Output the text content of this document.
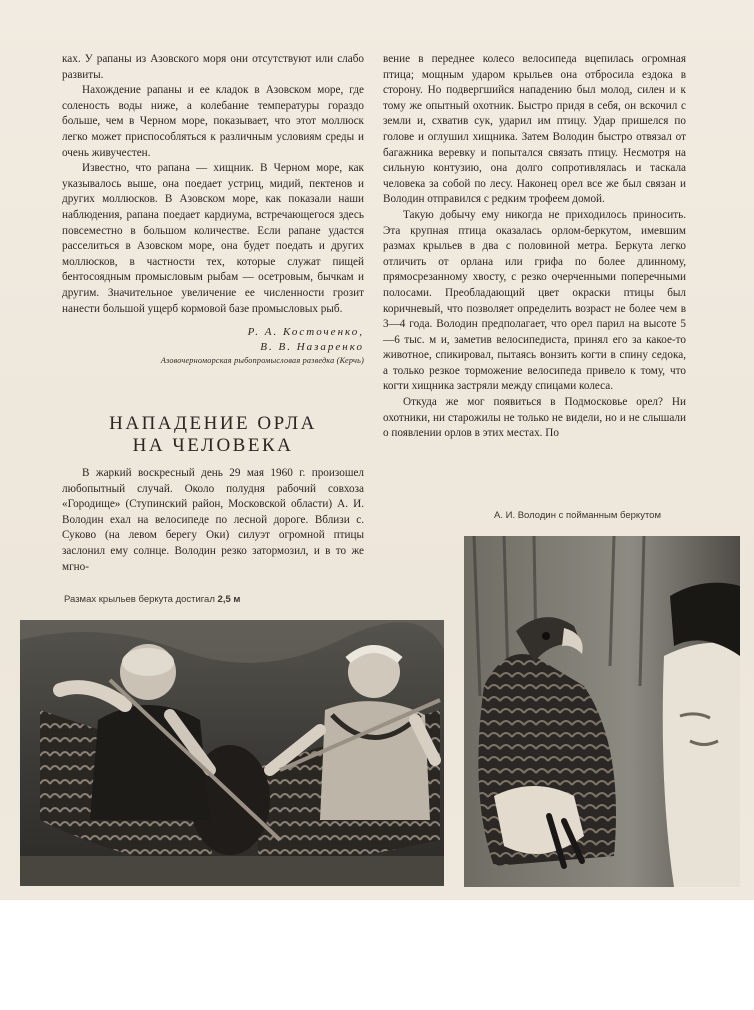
ках. У рапаны из Азовского моря они отсутствуют или слабо развиты.

Нахождение рапаны и ее кладок в Азовском море, где соленость воды ниже, а колебание температуры гораздо больше, чем в Черном море, показывает, что этот моллюск легко может приспособляться к различным условиям среды и очень живучестен.

Известно, что рапана — хищник. В Черном море, как указывалось выше, она поедает устриц, мидий, пектенов и других моллюсков. В Азовском море, как показали наши наблюдения, рапана поедает кардиума, встречающегося здесь повсеместно в большом количестве. Если рапане удастся расселиться в Азовском море, она будет поедать и других моллюсков, в частности тех, которые служат пищей бентосоядным промысловым рыбам — осетровым, бычкам и другим. Значительное увеличение ее численности грозит нанести большой ущерб кормовой базе промысловых рыб.

Р. А. Косточенко,
В. В. Назаренко
Азовочерноморская рыбопромысловая разведка (Керчь)
НАПАДЕНИЕ ОРЛА
НА ЧЕЛОВЕКА

В жаркий воскресный день 29 мая 1960 г. произошел любопытный случай. Около полудня рабочий совхоза «Городище» (Ступинский район, Московской области) А. И. Володин ехал на велосипеде по лесной дороге. Вблизи с. Суково (на левом берегу Оки) силуэт огромной птицы заслонил ему солнце. Володин резко затормозил, и в то же мгно-

вение в переднее колесо велосипеда вцепилась огромная птица; мощным ударом крыльев она отбросила ездока в сторону. Но подвергшийся нападению был молод, силен и к тому же опытный охотник. Быстро придя в себя, он вскочил с земли и, схватив сук, ударил им птицу. Удар пришелся по голове и оглушил хищника. Затем Володин быстро отвязал от багажника веревку и попытался связать птицу. Несмотря на сильную контузию, она долго сопротивлялась и таскала человека за собой по лесу. Наконец орел все же был связан и Володин отправился с редким трофеем домой.

Такую добычу ему никогда не приходилось приносить. Эта крупная птица оказалась орлом-беркутом, имевшим размах крыльев в два с половиной метра. Беркута легко отличить от орлана или грифа по более длинному, прямосрезанному хвосту, с резко очерченными поперечными полосами. Преобладающий цвет окраски птицы был коричневый, что позволяет определить возраст не более чем в 3—4 года. Володин предполагает, что орел парил на высоте 5—6 тыс. м и, заметив велосипедиста, принял его за какое-то животное, спикировал, пытаясь вонзить когти в спину седока, а только резкое торможение велосипеда привело к тому, что когти хищника застряли между спицами колеса.

Откуда же мог появиться в Подмосковье орел? Ни охотники, ни старожилы не только не видели, но и не слышали о появлении орлов в этих местах. По

Размах крыльев беркута достигал 2,5 м
А. И. Володин с пойманным беркутом
